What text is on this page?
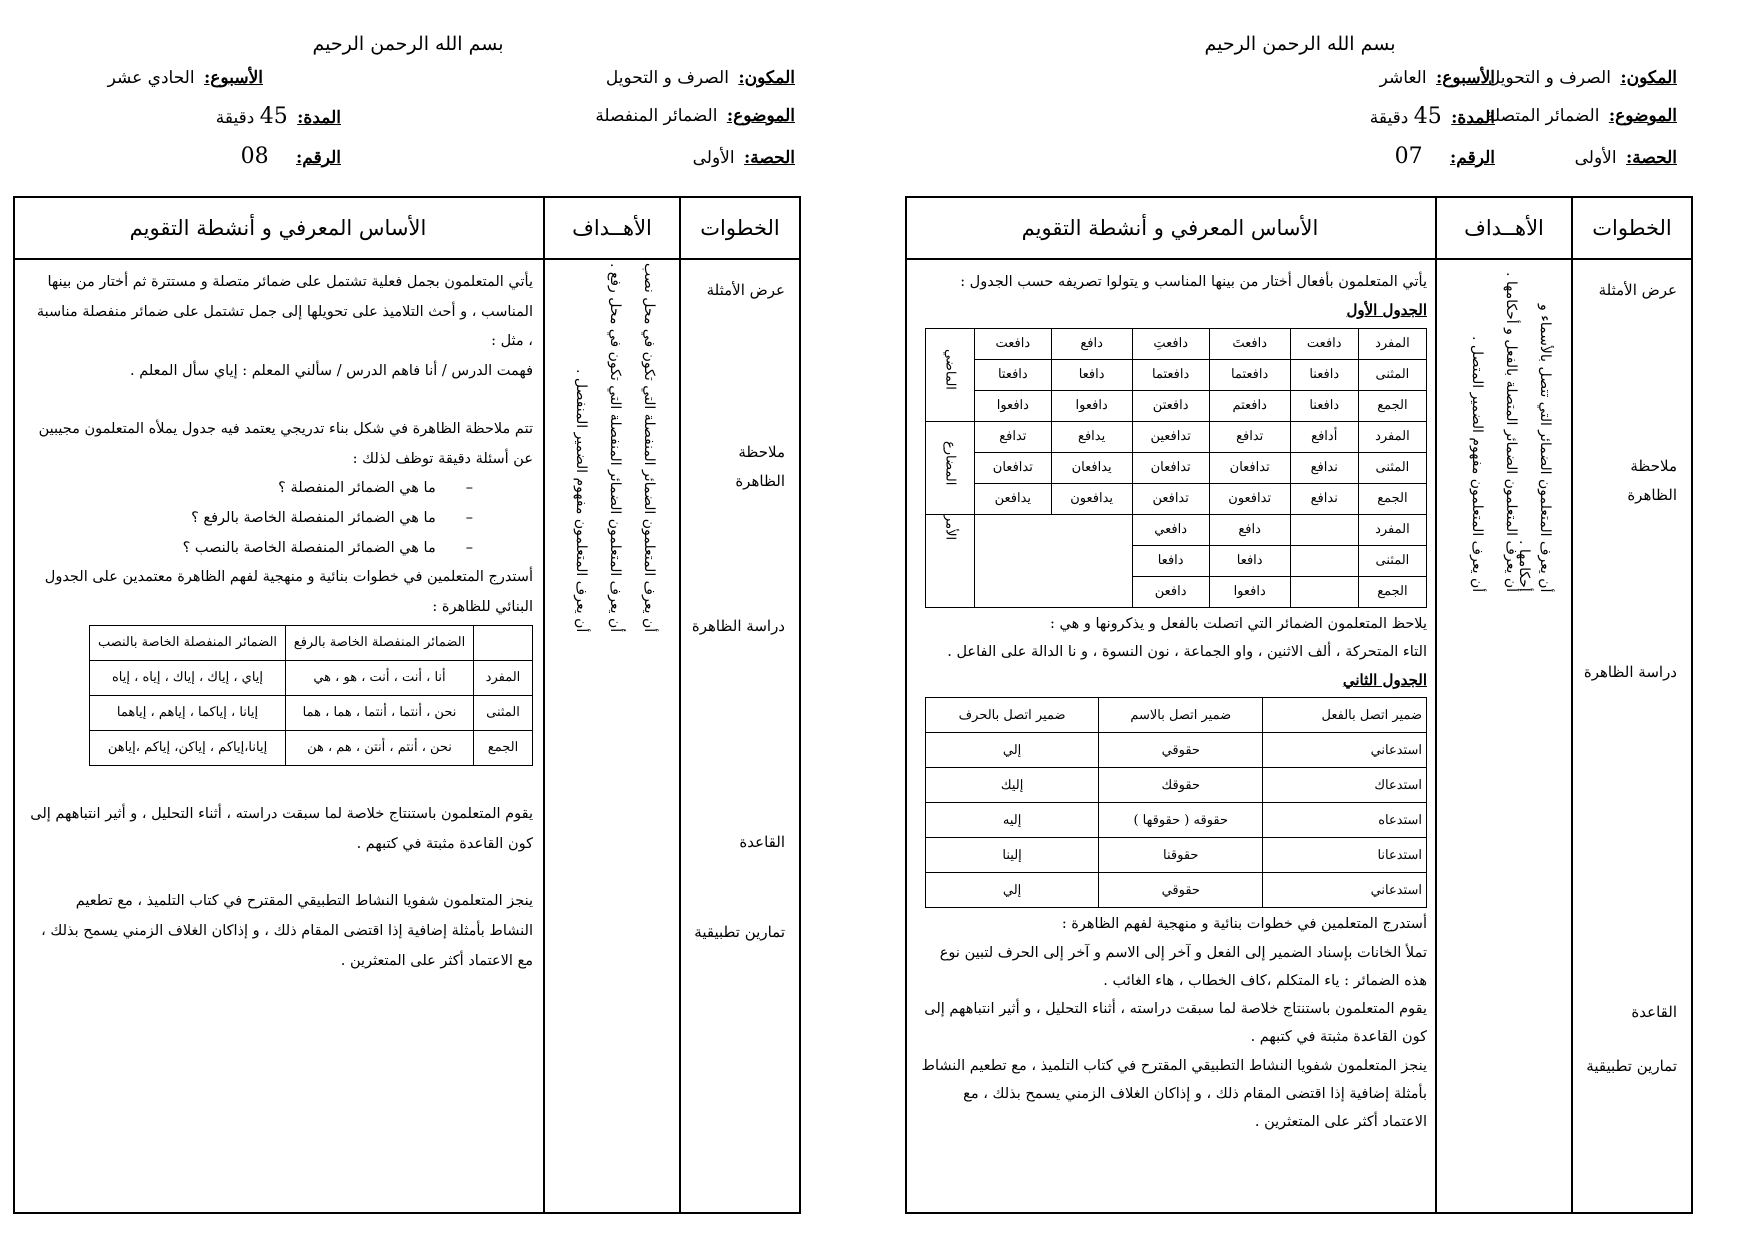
بسم الله الرحمن الرحيم
المكون: الصرف و التحويل
الأسبوع: العاشر
الموضوع: الضمائر المتصلة
المدة: 45 دقيقة
الحصة: الأولى
الرقم: 07
الخطوات
الأهــداف
الأساس المعرفي و أنشطة التقويم
عرض الأمثلة
ملاحظة الظاهرة
دراسة الظاهرة
القاعدة
تمارين تطبيقية
أن يعرف المتعلمون الضمائر التي تتصل بالأسماء و أحكامها .
أن يعرف المتعلمون الضمائر المتصلة بالفعل و أحكامها .
أن يعرف المتعلمون مفهوم الضمير المتصل .

يأتي المتعلمون بأفعال أختار من بينها المناسب و يتولوا تصريفه حسب الجدول :

الجدول الأول

المفرد	دافعت	دافعتَ	دافعتِ	دافع	دافعت	الماضي
المثنى	دافعنا	دافعتما	دافعتما	دافعا	دافعتا	
الجمع	دافعنا	دافعتم	دافعتن	دافعوا	دافعوا	
المفرد	أدافع	تدافع	تدافعين	يدافع	تدافع	المضارع
المثنى	ندافع	تدافعان	تدافعان	يدافعان	تدافعان	
الجمع	ندافع	تدافعون	تدافعن	يدافعون	يدافعن	
المفرد		دافع	دافعي			الأمر
المثنى		دافعا	دافعا			
الجمع		دافعوا	دافعن			

يلاحظ المتعلمون الضمائر التي اتصلت بالفعل و يذكرونها و هي :

التاء المتحركة ، ألف الاثنين ، واو الجماعة ، نون النسوة ، و نا الدالة على الفاعل .

الجدول الثاني

ضمير اتصل بالفعل	ضمير اتصل بالاسم	ضمير اتصل بالحرف
استدعاني	حقوقي	إلي
استدعاك	حقوقك	إليك
استدعاه	حقوقه ( حقوقها )	إليه
استدعانا	حقوقنا	إلينا
استدعاني	حقوقي	إلي

أستدرج المتعلمين في خطوات بنائية و منهجية لفهم الظاهرة :

تملأ الخانات بإسناد الضمير إلى الفعل و آخر إلى الاسم و آخر إلى الحرف لتبين نوع هذه الضمائر : ياء المتكلم ،كاف الخطاب ، هاء الغائب .

يقوم المتعلمون باستنتاج خلاصة لما سبقت دراسته ، أثناء التحليل ، و أثير انتباههم إلى كون القاعدة مثبتة في كتبهم .

ينجز المتعلمون شفويا النشاط التطبيقي المقترح في كتاب التلميذ ، مع تطعيم النشاط بأمثلة إضافية إذا اقتضى المقام ذلك ، و إذاكان الغلاف الزمني يسمح بذلك ، مع الاعتماد أكثر على المتعثرين .

بسم الله الرحمن الرحيم
المكون: الصرف و التحويل
الأسبوع: الحادي عشر
الموضوع: الضمائر المنفصلة
المدة: 45 دقيقة
الحصة: الأولى
الرقم: 08
الخطوات
الأهــداف
الأساس المعرفي و أنشطة التقويم
عرض الأمثلة
ملاحظة الظاهرة
دراسة الظاهرة
القاعدة
تمارين تطبيقية
أن يعرف المتعلمون الضمائر المنفصلة التي تكون في محل نصب .
أن يعرف المتعلمون الضمائر المنفصلة التي تكون في محل رفع .
أن يعرف المتعلمون مفهوم الضمير المنفصل .

يأتي المتعلمون بجمل فعلية تشتمل على ضمائر متصلة و مستترة ثم أختار من بينها المناسب ، و أحث التلاميذ على تحويلها إلى جمل تشتمل على ضمائر منفصلة مناسبة ، مثل :

فهمت الدرس / أنا فاهم الدرس / سألني المعلم : إياي سأل المعلم .

تتم ملاحظة الظاهرة في شكل بناء تدريجي يعتمد فيه جدول يملأه المتعلمون مجيبين عن أسئلة دقيقة توظف لذلك :

– ما هي الضمائر المنفصلة ؟
– ما هي الضمائر المنفصلة الخاصة بالرفع ؟
– ما هي الضمائر المنفصلة الخاصة بالنصب ؟

أستدرج المتعلمين في خطوات بنائية و منهجية لفهم الظاهرة معتمدين على الجدول البنائي للظاهرة :

	الضمائر المنفصلة الخاصة بالرفع	الضمائر المنفصلة الخاصة بالنصب
المفرد	أنا ، أنت ، أنت ، هو ، هي	إياي ، إياك ، إياك ، إياه ، إياه
المثنى	نحن ، أنتما ، أنتما ، هما ، هما	إيانا ، إياكما ، إياهم ، إياهما
الجمع	نحن ، أنتم ، أنتن ، هم ، هن	إيانا،إياكم ، إياكن، إياكم ،إياهن

يقوم المتعلمون باستنتاج خلاصة لما سبقت دراسته ، أثناء التحليل ، و أثير انتباههم إلى كون القاعدة مثبتة في كتبهم .

ينجز المتعلمون شفويا النشاط التطبيقي المقترح في كتاب التلميذ ، مع تطعيم النشاط بأمثلة إضافية إذا اقتضى المقام ذلك ، و إذاكان الغلاف الزمني يسمح بذلك ، مع الاعتماد أكثر على المتعثرين .
